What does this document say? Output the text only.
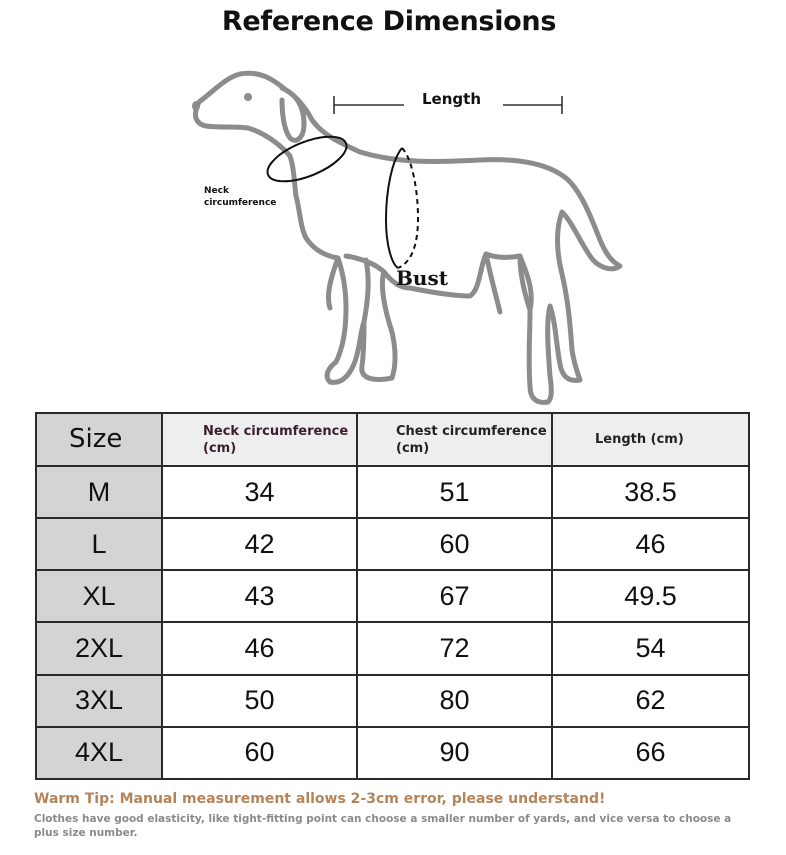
Reference Dimensions
Length
Neck circumference
Bust
Size	Neck circumference (cm)	Chest circumference (cm)	Length (cm)
M	34	51	38.5
L	42	60	46
XL	43	67	49.5
2XL	46	72	54
3XL	50	80	62
4XL	60	90	66
Warm Tip: Manual measurement allows 2-3cm error, please understand!
Clothes have good elasticity, like tight-fitting point can choose a smaller number of yards, and vice versa to choose a plus size number.
